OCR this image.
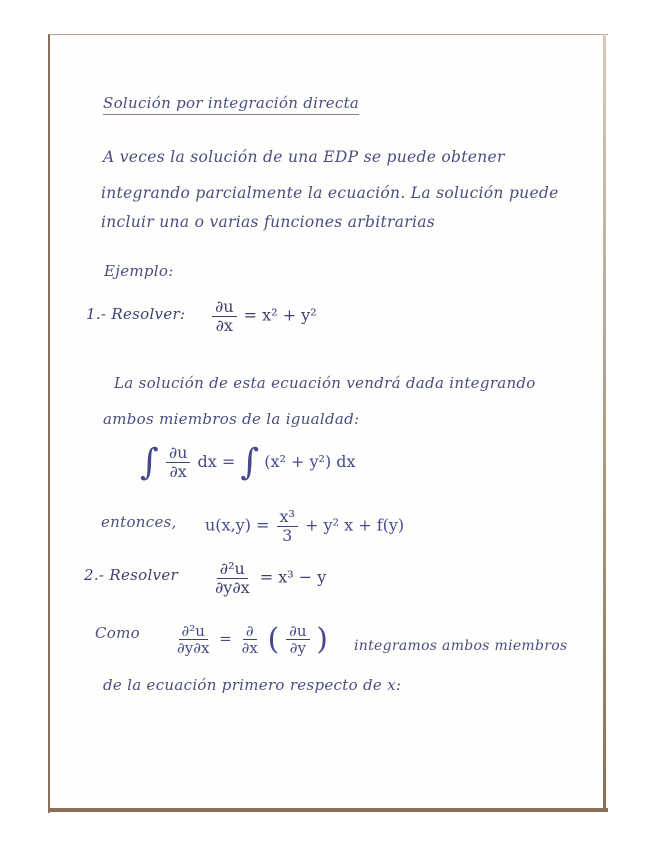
Solución por integración directa

A veces la solución de una EDP se puede obtener

integrando parcialmente la ecuación. La solución puede

incluir una o varias funciones arbitrarias

Ejemplo:

1.- Resolver: $\frac{\partial u}{\partial x} = x^2 + y^2$

La solución de esta ecuación vendrá dada integrando

ambos miembros de la igualdad:

∫ $\frac{\partial u}{\partial x}$ dx = ∫ (x² + y²) dx

entonces, $u(x,y) = \frac{\text{x³}}{3} + y^2$ x + f(y)

2.- Resolver $\frac{\text{∂²u}}{\partial y\partial x} = x^3 - y$

Como $\frac{\text{∂²u}}{\partial y\partial x} = \frac{\partial}{\partial x}$ ( $\frac{\partial u}{\partial y}$ ) integramos ambos miembros

de la ecuación primero respecto de x:
